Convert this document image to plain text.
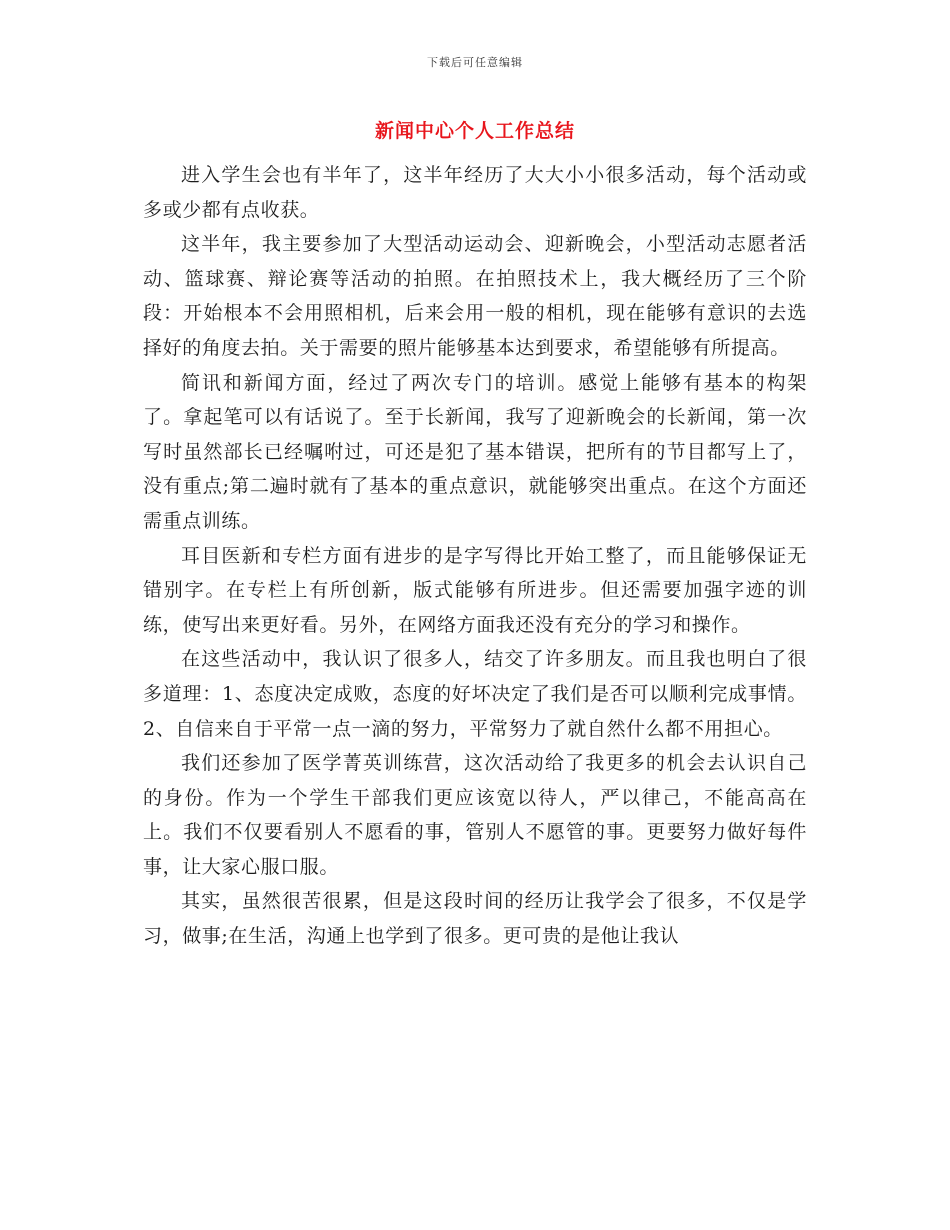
下载后可任意编辑
新闻中心个人工作总结

进入学生会也有半年了，这半年经历了大大小小很多活动，每个活动或多或少都有点收获。

这半年，我主要参加了大型活动运动会、迎新晚会，小型活动志愿者活动、篮球赛、辩论赛等活动的拍照。在拍照技术上，我大概经历了三个阶段：开始根本不会用照相机，后来会用一般的相机，现在能够有意识的去选择好的角度去拍。关于需要的照片能够基本达到要求，希望能够有所提高。

简讯和新闻方面，经过了两次专门的培训。感觉上能够有基本的构架了。拿起笔可以有话说了。至于长新闻，我写了迎新晚会的长新闻，第一次写时虽然部长已经嘱咐过，可还是犯了基本错误，把所有的节目都写上了，没有重点;第二遍时就有了基本的重点意识，就能够突出重点。在这个方面还需重点训练。

耳目医新和专栏方面有进步的是字写得比开始工整了，而且能够保证无错别字。在专栏上有所创新，版式能够有所进步。但还需要加强字迹的训练，使写出来更好看。另外，在网络方面我还没有充分的学习和操作。

在这些活动中，我认识了很多人，结交了许多朋友。而且我也明白了很多道理：1、态度决定成败，态度的好坏决定了我们是否可以顺利完成事情。2、自信来自于平常一点一滴的努力，平常努力了就自然什么都不用担心。

我们还参加了医学菁英训练营，这次活动给了我更多的机会去认识自己的身份。作为一个学生干部我们更应该宽以待人，严以律己，不能高高在上。我们不仅要看别人不愿看的事，管别人不愿管的事。更要努力做好每件事，让大家心服口服。

其实，虽然很苦很累，但是这段时间的经历让我学会了很多，不仅是学习，做事;在生活，沟通上也学到了很多。更可贵的是他让我认
